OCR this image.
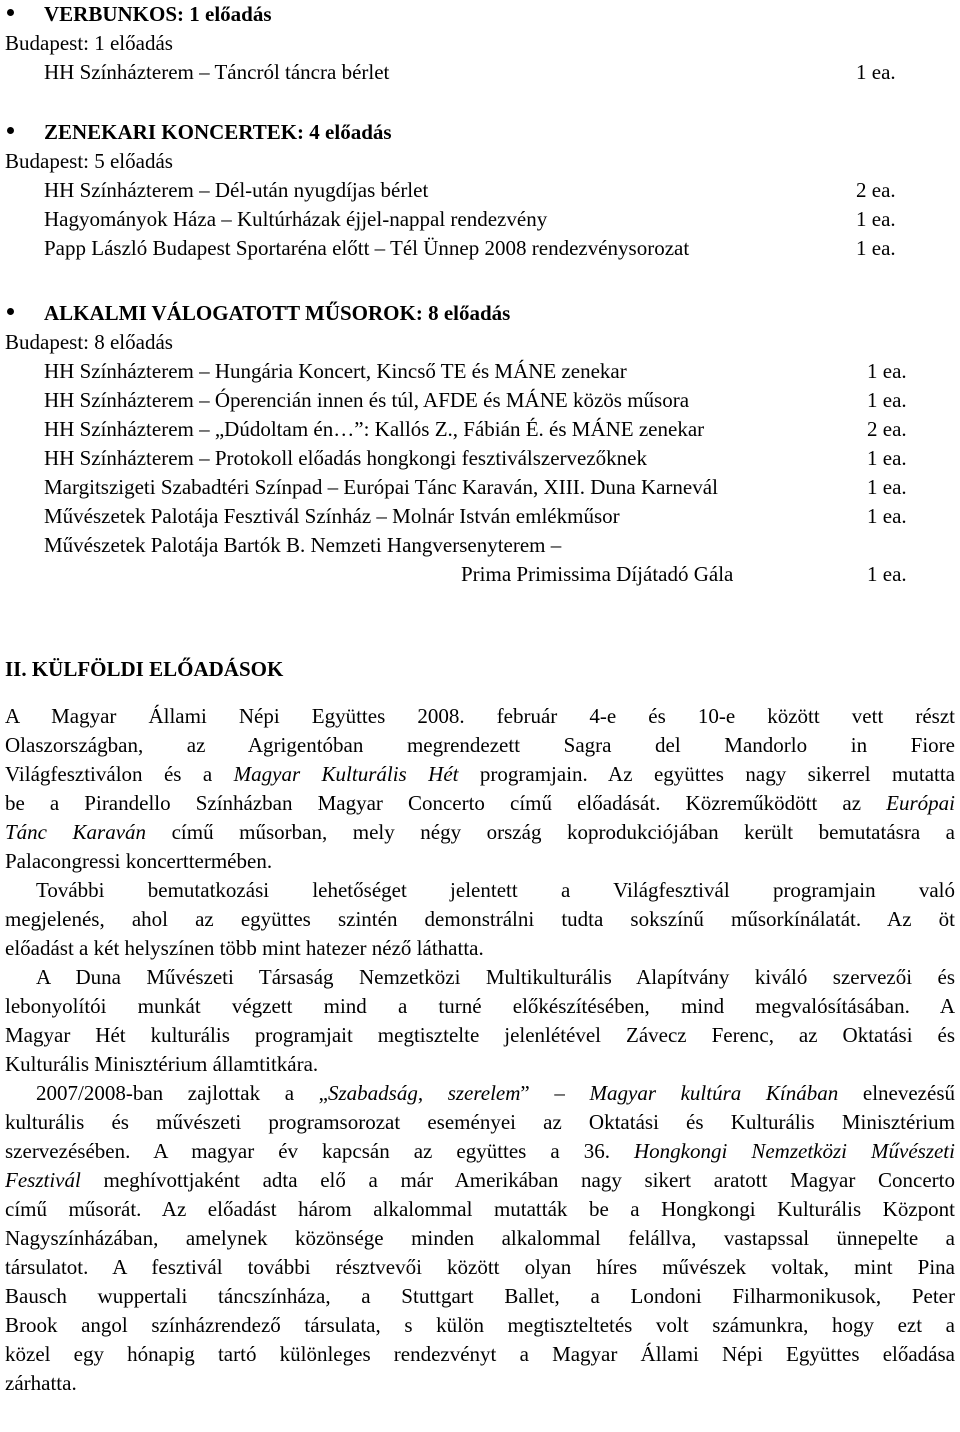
VERBUNKOS: 1 előadás
Budapest: 1 előadás
HH Színházterem – Táncról táncra bérlet	1 ea.
ZENEKARI KONCERTEK: 4 előadás
Budapest: 5 előadás
HH Színházterem – Dél-után nyugdíjas bérlet	2 ea.
Hagyományok Háza – Kultúrházak éjjel-nappal rendezvény	1 ea.
Papp László Budapest Sportaréna előtt – Tél Ünnep 2008 rendezvénysorozat	1 ea.
ALKALMI VÁLOGATOTT MŰSOROK: 8 előadás
Budapest: 8 előadás
HH Színházterem – Hungária Koncert, Kincső TE és MÁNE zenekar	1 ea.
HH Színházterem – Óperencián innen és túl, AFDE és MÁNE közös műsora	1 ea.
HH Színházterem – „Dúdoltam én…”: Kallós Z., Fábián É. és MÁNE zenekar	2 ea.
HH Színházterem – Protokoll előadás hongkongi fesztiválszervezőknek	1 ea.
Margitszigeti Szabadtéri Színpad – Európai Tánc Karaván, XIII. Duna Karnevál	1 ea.
Művészetek Palotája Fesztivál Színház – Molnár István emlékműsor	1 ea.
Művészetek Palotája Bartók B. Nemzeti Hangversenyterem –
Prima Primissima Díjátadó Gála	1 ea.
II. KÜLFÖLDI ELŐADÁSOK
A Magyar Állami Népi Együttes 2008. február 4-e és 10-e között vett részt
Olaszországban, az Agrigentóban megrendezett Sagra del Mandorlo in Fiore
Világfesztiválon és a Magyar Kulturális Hét programjain. Az együttes nagy sikerrel mutatta
be a Pirandello Színházban Magyar Concerto című előadását. Közreműködött az Európai
Tánc Karaván című műsorban, mely négy ország koprodukciójában került bemutatásra a
Palacongressi koncerttermében.
További bemutatkozási lehetőséget jelentett a Világfesztivál programjain való
megjelenés, ahol az együttes szintén demonstrálni tudta sokszínű műsorkínálatát. Az öt
előadást a két helyszínen több mint hatezer néző láthatta.
A Duna Művészeti Társaság Nemzetközi Multikulturális Alapítvány kiváló szervezői és
lebonyolítói munkát végzett mind a turné előkészítésében, mind megvalósításában. A
Magyar Hét kulturális programjait megtisztelte jelenlétével Závecz Ferenc, az Oktatási és
Kulturális Minisztérium államtitkára.
2007/2008-ban zajlottak a „Szabadság, szerelem” – Magyar kultúra Kínában elnevezésű
kulturális és művészeti programsorozat eseményei az Oktatási és Kulturális Minisztérium
szervezésében. A magyar év kapcsán az együttes a 36. Hongkongi Nemzetközi Művészeti
Fesztivál meghívottjaként adta elő a már Amerikában nagy sikert aratott Magyar Concerto
című műsorát. Az előadást három alkalommal mutatták be a Hongkongi Kulturális Központ
Nagyszínházában, amelynek közönsége minden alkalommal felállva, vastapssal ünnepelte a
társulatot. A fesztivál további résztvevői között olyan híres művészek voltak, mint Pina
Bausch wuppertali táncszínháza, a Stuttgart Ballet, a Londoni Filharmonikusok, Peter
Brook angol színházrendező társulata, s külön megtiszteltetés volt számunkra, hogy ezt a
közel egy hónapig tartó különleges rendezvényt a Magyar Állami Népi Együttes előadása
zárhatta.
